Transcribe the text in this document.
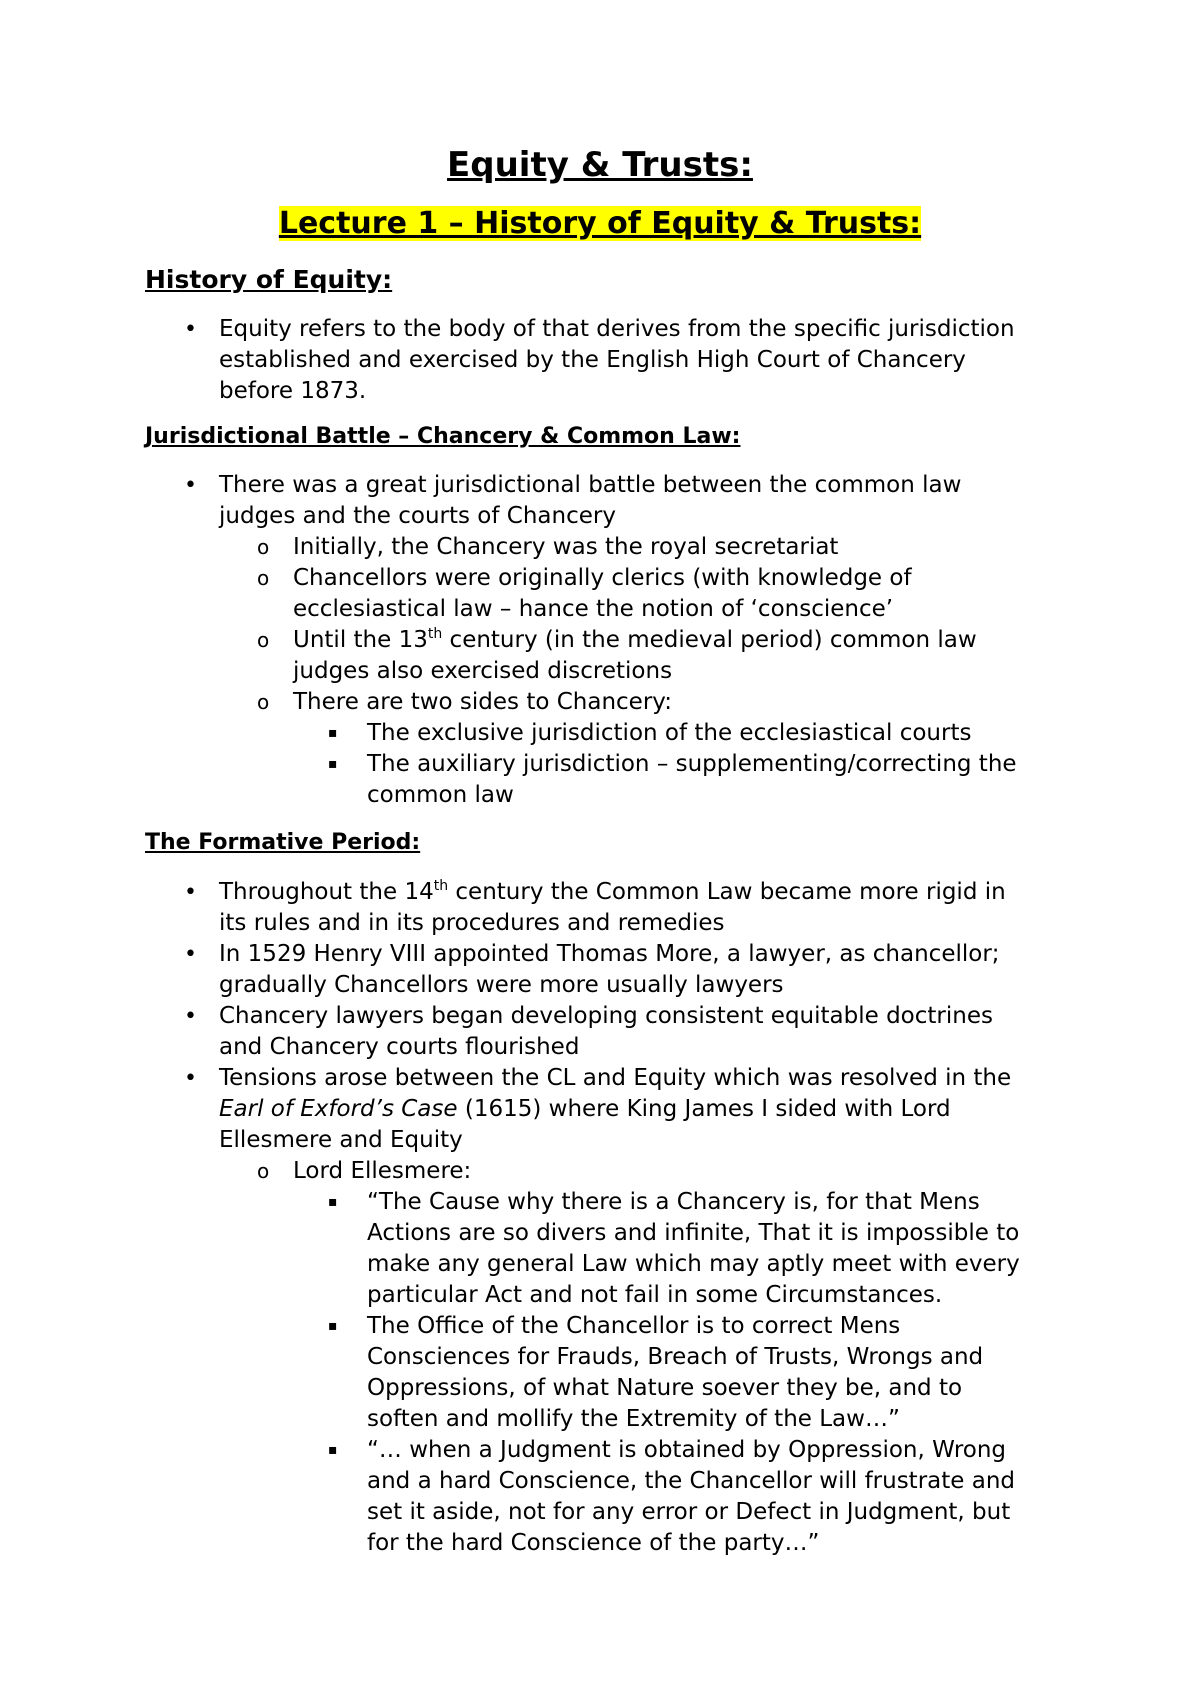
Equity & Trusts:
Lecture 1 – History of Equity & Trusts:
History of Equity:
• Equity refers to the body of that derives from the specific jurisdiction
established and exercised by the English High Court of Chancery
before 1873.
Jurisdictional Battle – Chancery & Common Law:
• There was a great jurisdictional battle between the common law
judges and the courts of Chancery
o Initially, the Chancery was the royal secretariat
o Chancellors were originally clerics (with knowledge of
ecclesiastical law – hance the notion of ‘conscience’
o Until the 13th century (in the medieval period) common law
judges also exercised discretions
o There are two sides to Chancery:
▪ The exclusive jurisdiction of the ecclesiastical courts
▪ The auxiliary jurisdiction – supplementing/correcting the
common law
The Formative Period:
• Throughout the 14th century the Common Law became more rigid in
its rules and in its procedures and remedies
• In 1529 Henry VIII appointed Thomas More, a lawyer, as chancellor;
gradually Chancellors were more usually lawyers
• Chancery lawyers began developing consistent equitable doctrines
and Chancery courts flourished
• Tensions arose between the CL and Equity which was resolved in the
Earl of Exford’s Case (1615) where King James I sided with Lord
Ellesmere and Equity
o Lord Ellesmere:
▪ “The Cause why there is a Chancery is, for that Mens
Actions are so divers and infinite, That it is impossible to
make any general Law which may aptly meet with every
particular Act and not fail in some Circumstances.
▪ The Office of the Chancellor is to correct Mens
Consciences for Frauds, Breach of Trusts, Wrongs and
Oppressions, of what Nature soever they be, and to
soften and mollify the Extremity of the Law…”
▪ “… when a Judgment is obtained by Oppression, Wrong
and a hard Conscience, the Chancellor will frustrate and
set it aside, not for any error or Defect in Judgment, but
for the hard Conscience of the party…”
